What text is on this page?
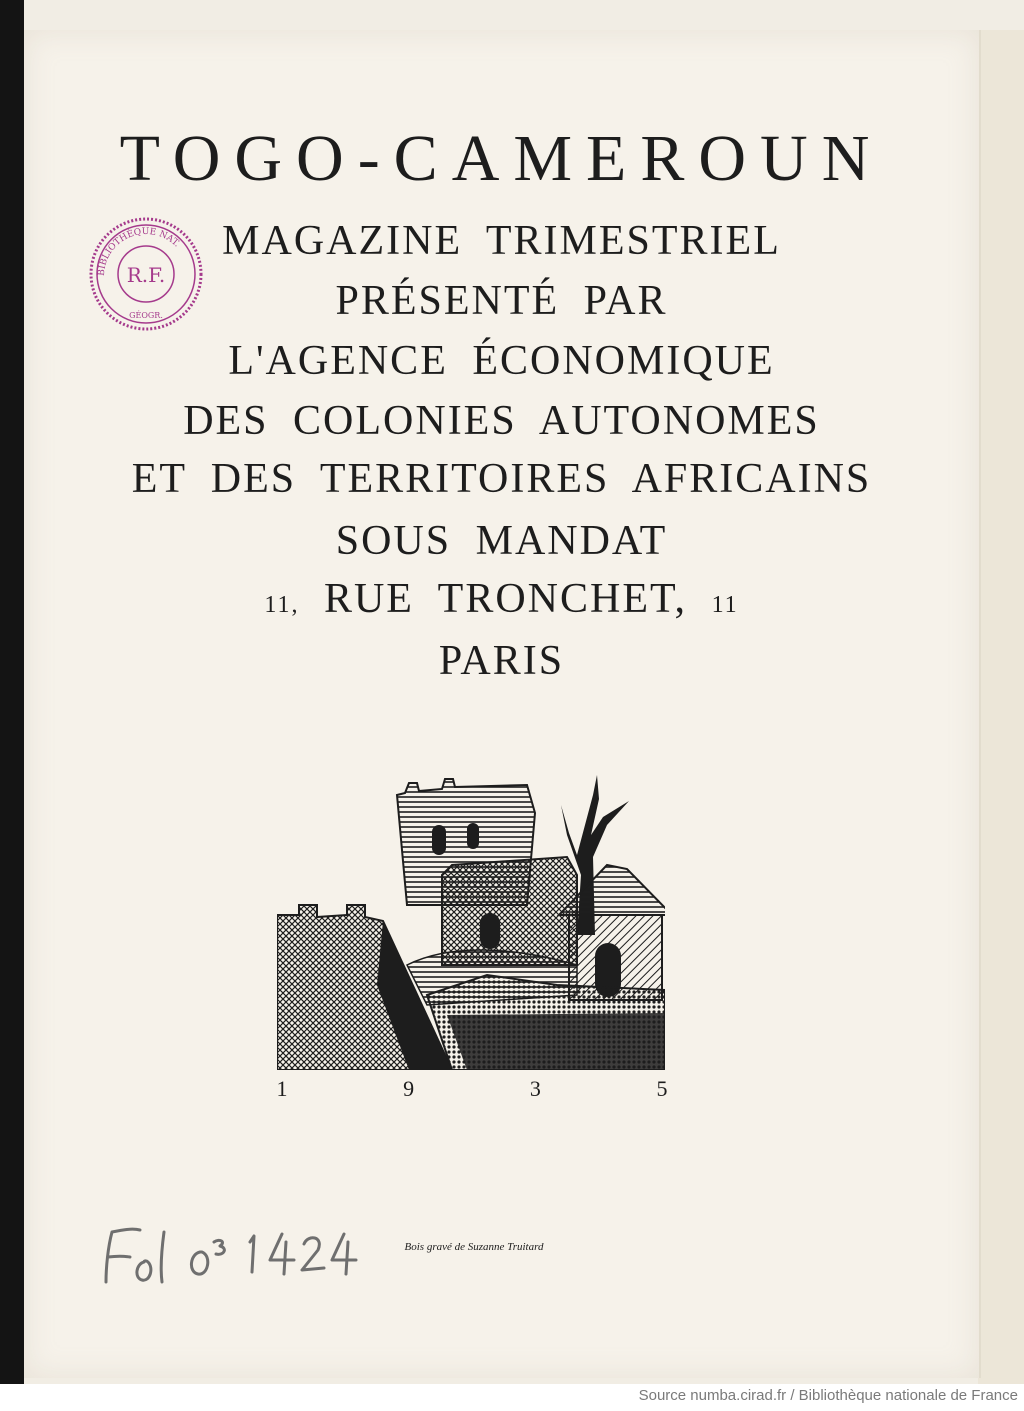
TOGO-CAMEROUN
MAGAZINE TRIMESTRIEL
PRÉSENTÉ PAR
L'AGENCE ÉCONOMIQUE
DES COLONIES AUTONOMES
ET DES TERRITOIRES AFRICAINS
SOUS MANDAT
11, RUE TRONCHET, 11
PARIS
BIBLIOTHÈQUE NAT.
R.F.
GÉOGR.
1	9	3	5
Bois gravé de Suzanne Truitard
Source numba.cirad.fr / Bibliothèque nationale de France
